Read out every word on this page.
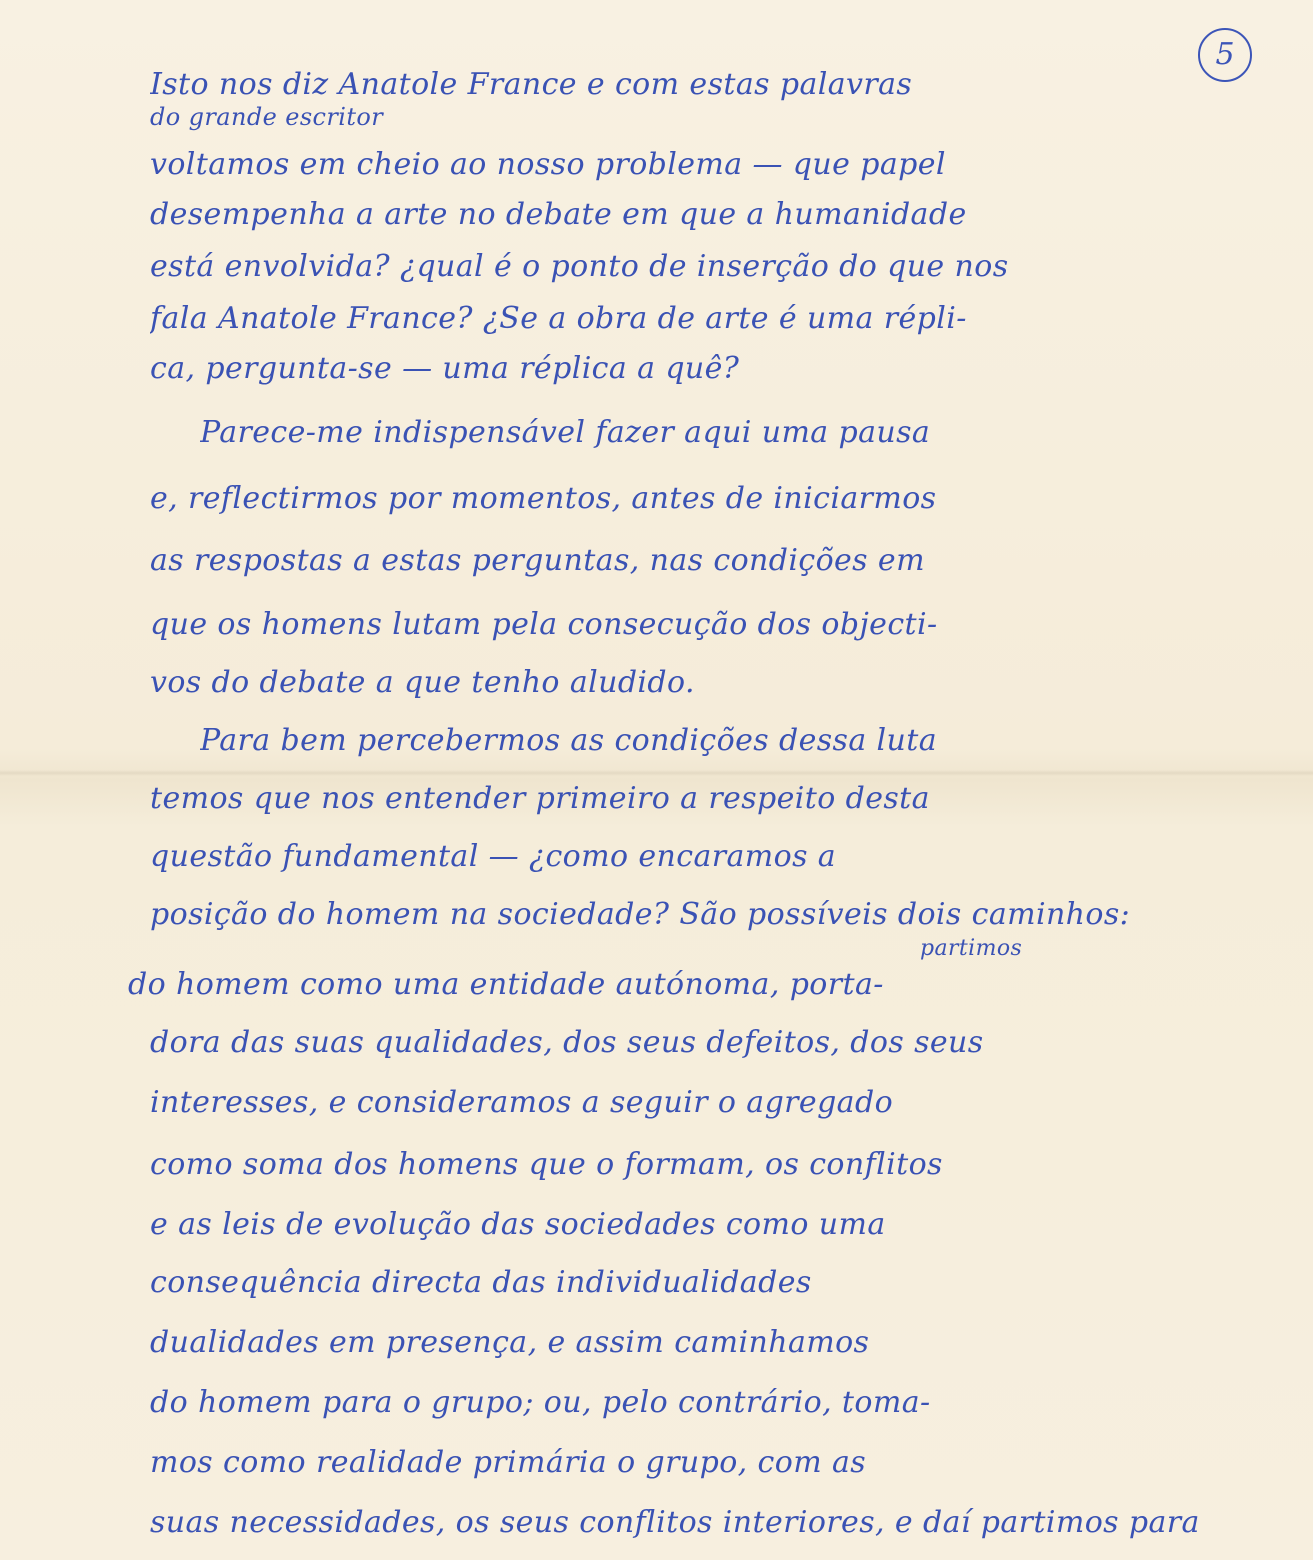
5
Isto nos diz Anatole France e com estas palavras
do grande escritor
voltamos em cheio ao nosso problema — que papel
desempenha a arte no debate em que a humanidade
está envolvida? ¿qual é o ponto de inserção do que nos
fala Anatole France? ¿Se a obra de arte é uma répli-
ca, pergunta-se — uma réplica a quê?
Parece-me indispensável fazer aqui uma pausa
e, reflectirmos por momentos, antes de iniciarmos
as respostas a estas perguntas, nas condições em
que os homens lutam pela consecução dos objecti-
vos do debate a que tenho aludido.
Para bem percebermos as condições dessa luta
temos que nos entender primeiro a respeito desta
questão fundamental — ¿como encaramos a
posição do homem na sociedade? São possíveis dois caminhos:
partimos
do homem como uma entidade autónoma, porta-
dora das suas qualidades, dos seus defeitos, dos seus
interesses, e consideramos a seguir o agregado
como soma dos homens que o formam, os conflitos
e as leis de evolução das sociedades como uma
consequência directa das individualidades
dualidades em presença, e assim caminhamos
do homem para o grupo; ou, pelo contrário, toma-
mos como realidade primária o grupo, com as
suas necessidades, os seus conflitos interiores, e daí partimos para
